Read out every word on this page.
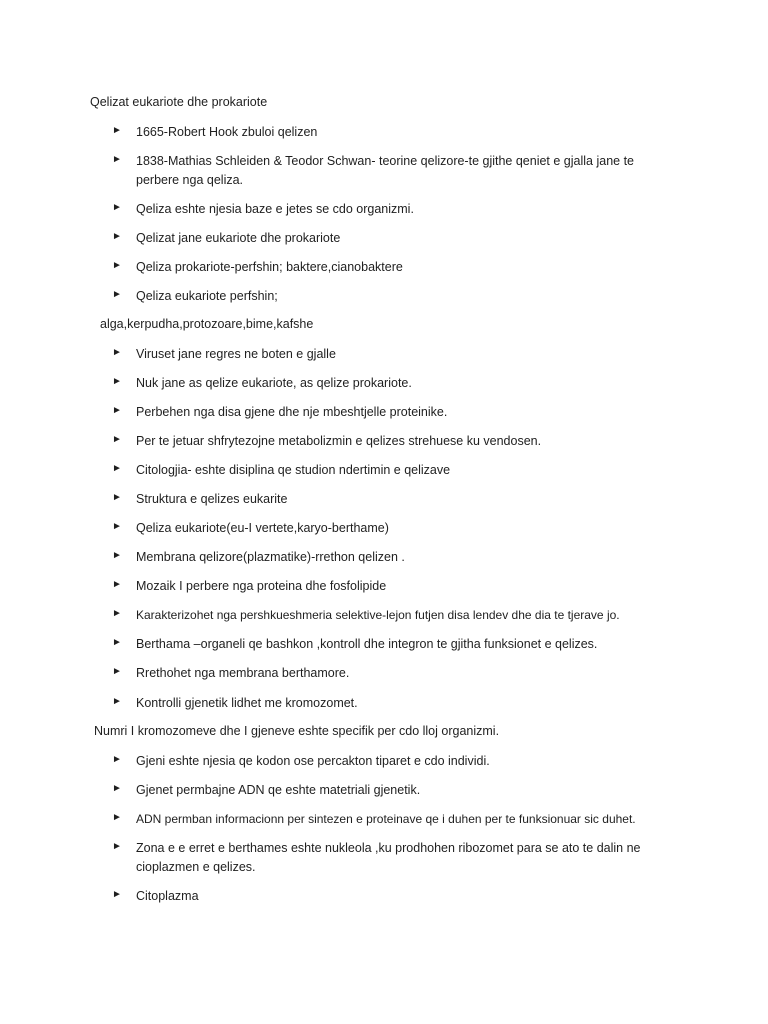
Qelizat eukariote dhe prokariote
►	1665-Robert Hook zbuloi qelizen
►	1838-Mathias Schleiden & Teodor Schwan- teorine qelizore-te gjithe qeniet e gjalla jane te perbere nga qeliza.
►	Qeliza eshte njesia baze e jetes se cdo organizmi.
►	Qelizat jane eukariote dhe prokariote
►	Qeliza prokariote-perfshin; baktere,cianobaktere
►	Qeliza eukariote perfshin;
alga,kerpudha,protozoare,bime,kafshe
►	Viruset jane regres ne boten e gjalle
►	Nuk jane as qelize eukariote, as qelize prokariote.
►	Perbehen nga disa gjene dhe nje mbeshtjelle proteinike.
►	Per te jetuar shfrytezojne metabolizmin e qelizes strehuese ku vendosen.
►	Citologjia- eshte disiplina qe studion ndertimin e qelizave
►	Struktura e qelizes eukarite
►	Qeliza eukariote(eu-I vertete,karyo-berthame)
►	Membrana qelizore(plazmatike)-rrethon qelizen .
►	Mozaik I perbere nga proteina dhe fosfolipide
►	Karakterizohet nga pershkueshmeria selektive-lejon futjen disa lendev dhe dia te tjerave jo.
►	Berthama –organeli qe bashkon ,kontroll dhe integron te gjitha funksionet e qelizes.
►	Rrethohet nga membrana berthamore.
►	Kontrolli gjenetik lidhet me kromozomet.
Numri I kromozomeve dhe I gjeneve eshte specifik per cdo lloj organizmi.
►	Gjeni eshte njesia qe kodon ose percakton tiparet e cdo individi.
►	Gjenet permbajne ADN qe eshte matetriali gjenetik.
►	ADN permban informacionn per sintezen e proteinave qe i duhen per te funksionuar sic duhet.
►	Zona e e erret e berthames eshte nukleola ,ku prodhohen ribozomet para se ato te dalin ne cioplazmen e qelizes.
►	Citoplazma
